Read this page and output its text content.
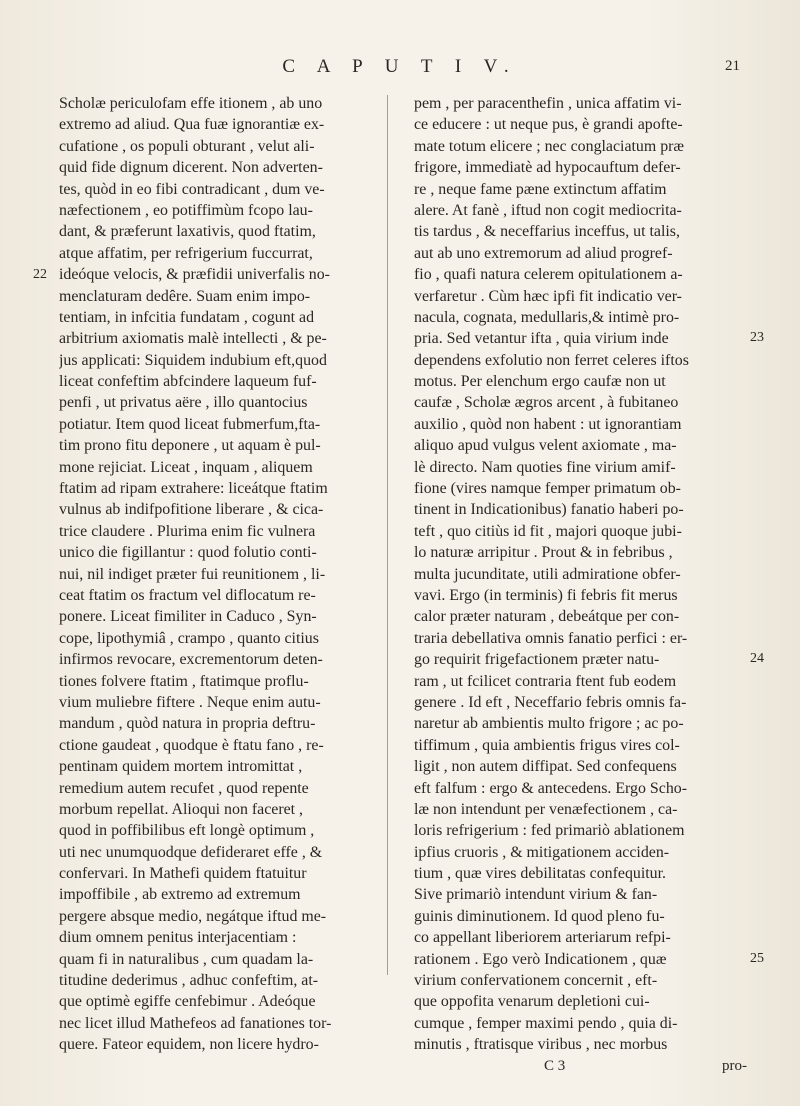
C A P U T I V.	21
22
23
24
25
Scholæ periculofam effe itionem , ab uno
extremo ad aliud. Qua fuæ ignorantiæ ex-
cufatione , os populi obturant , velut ali-
quid fide dignum dicerent. Non adverten-
tes, quòd in eo fibi contradicant , dum ve-
næfectionem , eo potiffimùm fcopo lau-
dant, & præferunt laxativis, quod ftatim,
atque affatim, per refrigerium fuccurrat,
ideóque velocis, & præfidii univerfalis no-
menclaturam dedêre. Suam enim impo-
tentiam, in infcitia fundatam , cogunt ad
arbitrium axiomatis malè intellecti , & pe-
jus applicati: Siquidem indubium eft,quod
liceat confeftim abfcindere laqueum fuf-
penfi , ut privatus aëre , illo quantocius
potiatur. Item quod liceat fubmerfum,fta-
tim prono fitu deponere , ut aquam è pul-
mone rejiciat. Liceat , inquam , aliquem
ftatim ad ripam extrahere: liceátque ftatim
vulnus ab indifpofitione liberare , & cica-
trice claudere . Plurima enim fic vulnera
unico die figillantur : quod folutio conti-
nui, nil indiget præter fui reunitionem , li-
ceat ftatim os fractum vel diflocatum re-
ponere. Liceat fimiliter in Caduco , Syn-
cope, lipothymiâ , crampo , quanto citius
infirmos revocare, excrementorum deten-
tiones folvere ftatim , ftatimque proflu-
vium muliebre fiftere . Neque enim autu-
mandum , quòd natura in propria deftru-
ctione gaudeat , quodque è ftatu fano , re-
pentinam quidem mortem intromittat ,
remedium autem recufet , quod repente
morbum repellat. Alioqui non faceret ,
quod in poffibilibus eft longè optimum ,
uti nec unumquodque defideraret effe , &
confervari. In Mathefi quidem ftatuitur
impoffibile , ab extremo ad extremum
pergere absque medio, negátque iftud me-
dium omnem penitus interjacentiam :
quam fi in naturalibus , cum quadam la-
titudine dederimus , adhuc confeftim, at-
que optimè egiffe cenfebimur . Adeóque
nec licet illud Mathefeos ad fanationes tor-
quere. Fateor equidem, non licere hydro-
pem , per paracenthefin , unica affatim vi-
ce educere : ut neque pus, è grandi apofte-
mate totum elicere ; nec conglaciatum præ
frigore, immediatè ad hypocauftum defer-
re , neque fame pæne extinctum affatim
alere. At fanè , iftud non cogit mediocrita-
tis tardus , & neceffarius inceffus, ut talis,
aut ab uno extremorum ad aliud progref-
fio , quafi natura celerem opitulationem a-
verfaretur . Cùm hæc ipfi fit indicatio ver-
nacula, cognata, medullaris,& intimè pro-
pria. Sed vetantur ifta , quia virium inde
dependens exfolutio non ferret celeres iftos
motus. Per elenchum ergo caufæ non ut
caufæ , Scholæ ægros arcent , à fubitaneo
auxilio , quòd non habent : ut ignorantiam
aliquo apud vulgus velent axiomate , ma-
lè directo. Nam quoties fine virium amif-
fione (vires namque femper primatum ob-
tinent in Indicationibus) fanatio haberi po-
teft , quo citiùs id fit , majori quoque jubi-
lo naturæ arripitur . Prout & in febribus ,
multa jucunditate, utili admiratione obfer-
vavi. Ergo (in terminis) fi febris fit merus
calor præter naturam , debeátque per con-
traria debellativa omnis fanatio perfici : er-
go requirit frigefactionem præter natu-
ram , ut fcilicet contraria ftent fub eodem
genere . Id eft , Neceffario febris omnis fa-
naretur ab ambientis multo frigore ; ac po-
tiffimum , quia ambientis frigus vires col-
ligit , non autem diffipat. Sed confequens
eft falfum : ergo & antecedens. Ergo Scho-
læ non intendunt per venæfectionem , ca-
loris refrigerium : fed primariò ablationem
ipfius cruoris , & mitigationem acciden-
tium , quæ vires debilitatas confequitur.
Sive primariò intendunt virium & fan-
guinis diminutionem. Id quod pleno fu-
co appellant liberiorem arteriarum refpi-
rationem . Ego verò Indicationem , quæ
virium confervationem concernit , eft-
que oppofita venarum depletioni cui-
cumque , femper maximi pendo , quia di-
minutis , ftratisque viribus , nec morbus
C 3	pro-
